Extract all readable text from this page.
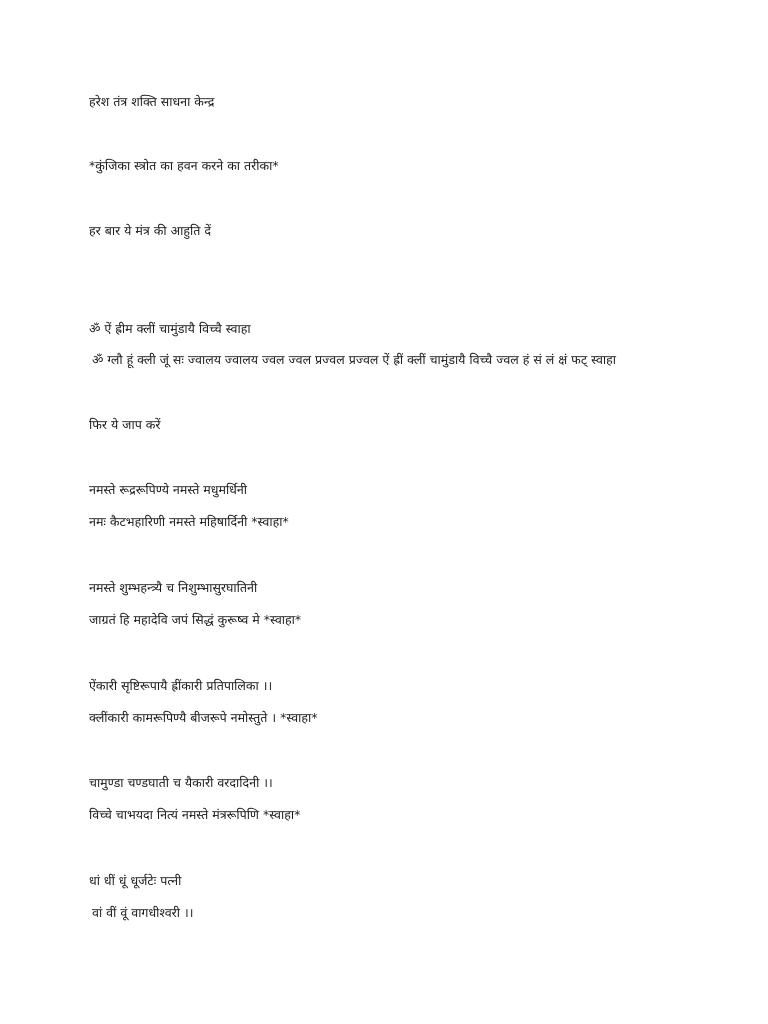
हरेश तंत्र शक्ति साधना केन्द्र
*कुंजिका स्त्रोत का हवन करने का तरीका*
हर बार ये मंत्र की आहुति दें
ॐ ऐं ह्रीम क्लीं चामुंडायै विच्चै स्वाहा
ॐ ग्लौ हूं क्ली जूं सः ज्वालय ज्वालय ज्वल ज्वल प्रज्वल प्रज्वल ऐं ह्रीं क्लीं चामुंडायै विच्चै ज्वल हं सं लं क्षं फट् स्वाहा
फिर ये जाप करें
नमस्ते रूद्ररूपिण्ये नमस्ते मधुमर्धिनी
नमः कैटभहारिणी नमस्ते महिषार्दिनी *स्वाहा*
नमस्ते शुम्भहन्त्र्यै च निशुम्भासुरघातिनी
जाग्रतं हि महादेवि जपं सिद्धं कुरूष्व मे *स्वाहा*
ऐंकारी सृष्टिरूपायै ह्रींकारी प्रतिपालिका ।।
क्लींकारी कामरूपिण्यै बीजरूपे नमोस्तुते । *स्वाहा*
चामुण्डा चण्डघाती च यैकारी वरदादिनी ।।
विच्चे चाभयदा नित्यं नमस्ते मंत्ररूपिणि *स्वाहा*
धां धीं धूं धूर्जटेः पत्नी
वां वीं वूं वागधीश्वरी ।।
